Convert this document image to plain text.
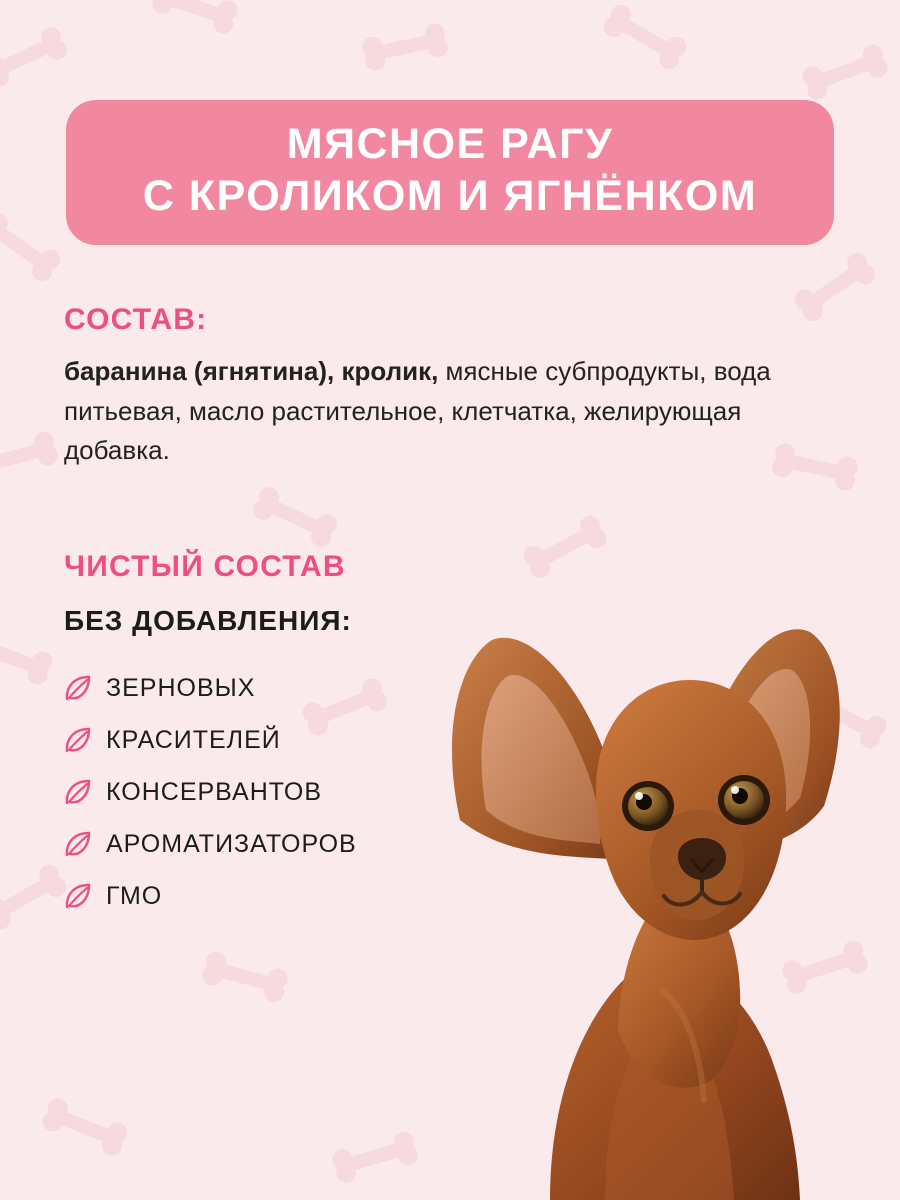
МЯСНОЕ РАГУ
С КРОЛИКОМ И ЯГНЁНКОМ
СОСТАВ:
баранина (ягнятина), кролик, мясные субпродукты, вода питьевая, масло растительное, клетчатка, желирующая добавка.
ЧИСТЫЙ СОСТАВ
БЕЗ ДОБАВЛЕНИЯ:
ЗЕРНОВЫХ
КРАСИТЕЛЕЙ
КОНСЕРВАНТОВ
АРОМАТИЗАТОРОВ
ГМО
